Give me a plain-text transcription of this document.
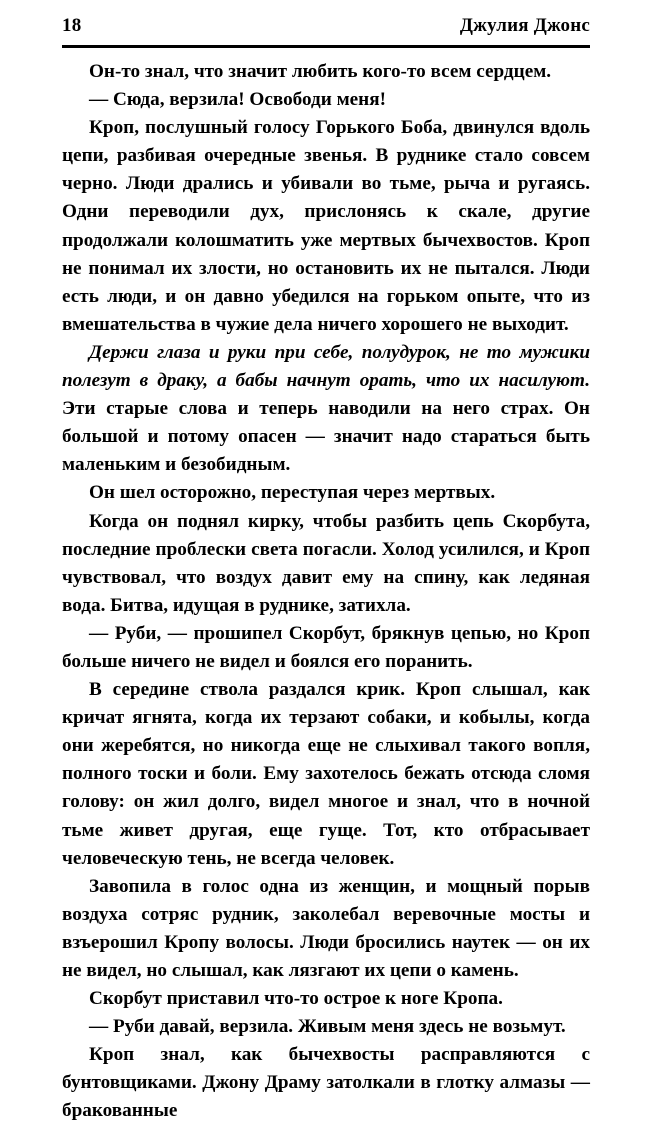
18	Джулия Джонс

Он-то знал, что значит любить кого-то всем сердцем.

— Сюда, верзила! Освободи меня!

Кроп, послушный голосу Горького Боба, двинулся вдоль цепи, разбивая очередные звенья. В руднике стало совсем черно. Люди дрались и убивали во тьме, рыча и ругаясь. Одни переводили дух, прислонясь к скале, другие продолжали колошматить уже мертвых бычехвостов. Кроп не понимал их злости, но остановить их не пытался. Люди есть люди, и он давно убедился на горьком опыте, что из вмешательства в чужие дела ничего хорошего не выходит.

Держи глаза и руки при себе, полудурок, не то мужики полезут в драку, а бабы начнут орать, что их насилуют. Эти старые слова и теперь наводили на него страх. Он большой и потому опасен — значит надо стараться быть маленьким и безобидным.

Он шел осторожно, переступая через мертвых.

Когда он поднял кирку, чтобы разбить цепь Скорбута, последние проблески света погасли. Холод усилился, и Кроп чувствовал, что воздух давит ему на спину, как ледяная вода. Битва, идущая в руднике, затихла.

— Руби, — прошипел Скорбут, брякнув цепью, но Кроп больше ничего не видел и боялся его поранить.

В середине ствола раздался крик. Кроп слышал, как кричат ягнята, когда их терзают собаки, и кобылы, когда они жеребятся, но никогда еще не слыхивал такого вопля, полного тоски и боли. Ему захотелось бежать отсюда сломя голову: он жил долго, видел многое и знал, что в ночной тьме живет другая, еще гуще. Тот, кто отбрасывает человеческую тень, не всегда человек.

Завопила в голос одна из женщин, и мощный порыв воздуха сотряс рудник, заколебал веревочные мосты и взъерошил Кропу волосы. Люди бросились наутек — он их не видел, но слышал, как лязгают их цепи о камень.

Скорбут приставил что-то острое к ноге Кропа.

— Руби давай, верзила. Живым меня здесь не возьмут.

Кроп знал, как бычехвосты расправляются с бунтовщиками. Джону Драму затолкали в глотку алмазы — бракованные
